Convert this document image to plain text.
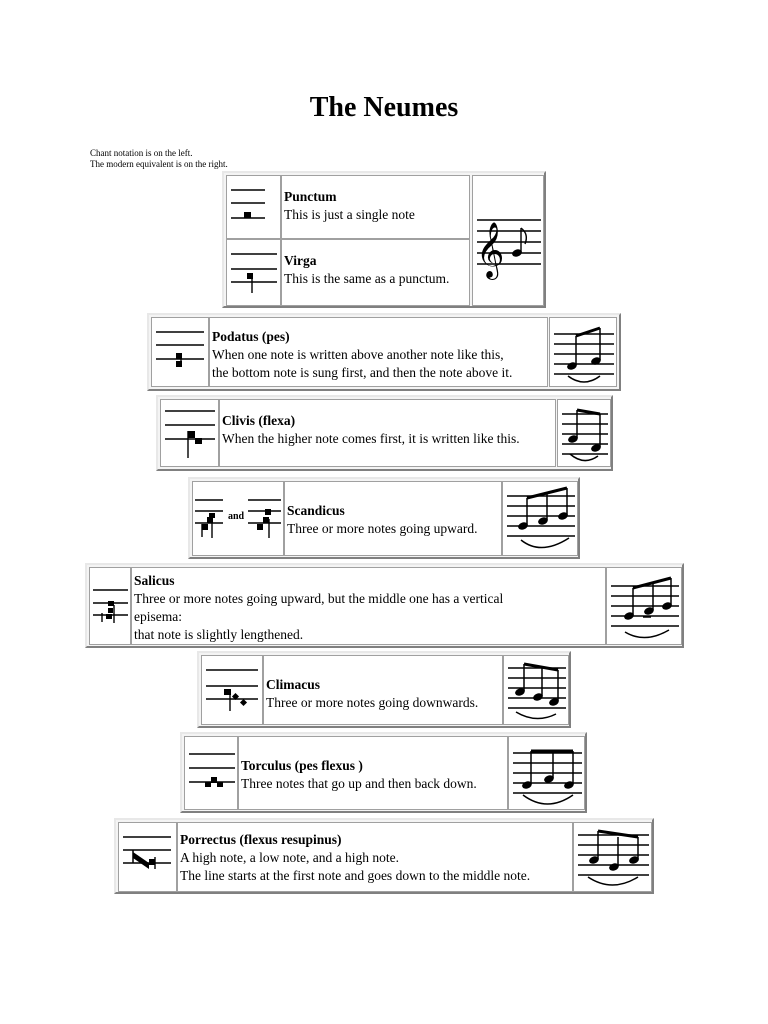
The Neumes
Chant notation is on the left.
The modern equivalent is on the right.
Punctum
This is just a single note
Virga
This is the same as a punctum.
𝄞
Podatus (pes)
When one note is written above another note like this,
the bottom note is sung first, and then the note above it.
Clivis (flexa)
When the higher note comes first, it is written like this.
and	Scandicus
Three or more notes going upward.
Salicus
Three or more notes going upward, but the middle one has a vertical
episema:
that note is slightly lengthened.
Climacus
Three or more notes going downwards.
Torculus (pes flexus )
Three notes that go up and then back down.
Porrectus (flexus resupinus)
A high note, a low note, and a high note.
The line starts at the first note and goes down to the middle note.
